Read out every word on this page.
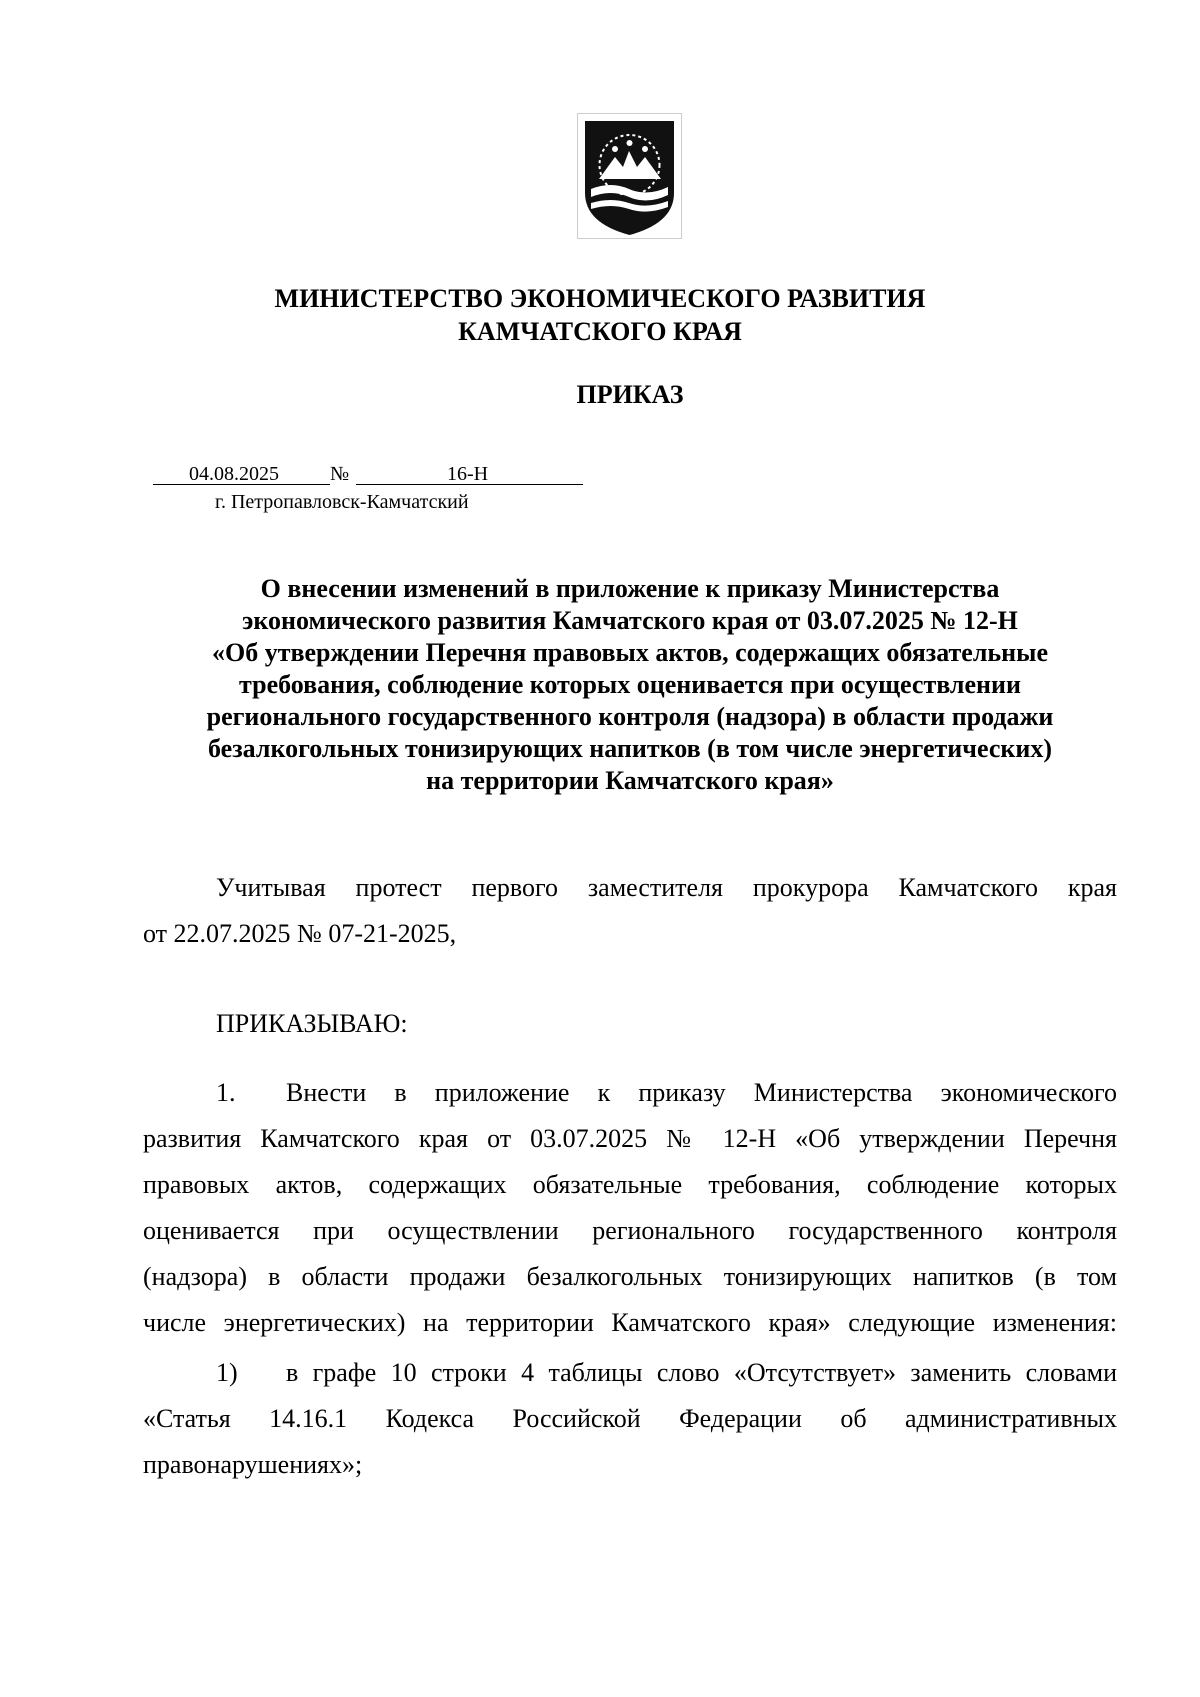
МИНИСТЕРСТВО ЭКОНОМИЧЕСКОГО РАЗВИТИЯ
КАМЧАТСКОГО КРАЯ
ПРИКАЗ
04.08.2025	№	16-Н
г. Петропавловск-Камчатский
О внесении изменений в приложение к приказу Министерства
экономического развития Камчатского края от 03.07.2025 № 12-Н
«Об утверждении Перечня правовых актов, содержащих обязательные
требования, соблюдение которых оценивается при осуществлении
регионального государственного контроля (надзора) в области продажи
безалкогольных тонизирующих напитков (в том числе энергетических)
на территории Камчатского края»
Учитывая протест первого заместителя прокурора Камчатского края
от 22.07.2025 № 07-21-2025,
ПРИКАЗЫВАЮ:
1. Внести в приложение к приказу Министерства экономического
развития Камчатского края от 03.07.2025 № 12-Н «Об утверждении Перечня
правовых актов, содержащих обязательные требования, соблюдение которых
оценивается при осуществлении регионального государственного контроля
(надзора) в области продажи безалкогольных тонизирующих напитков (в том
числе энергетических) на территории Камчатского края» следующие изменения:
1) в графе 10 строки 4 таблицы слово «Отсутствует» заменить словами
«Статья 14.16.1 Кодекса Российской Федерации об административных
правонарушениях»;
